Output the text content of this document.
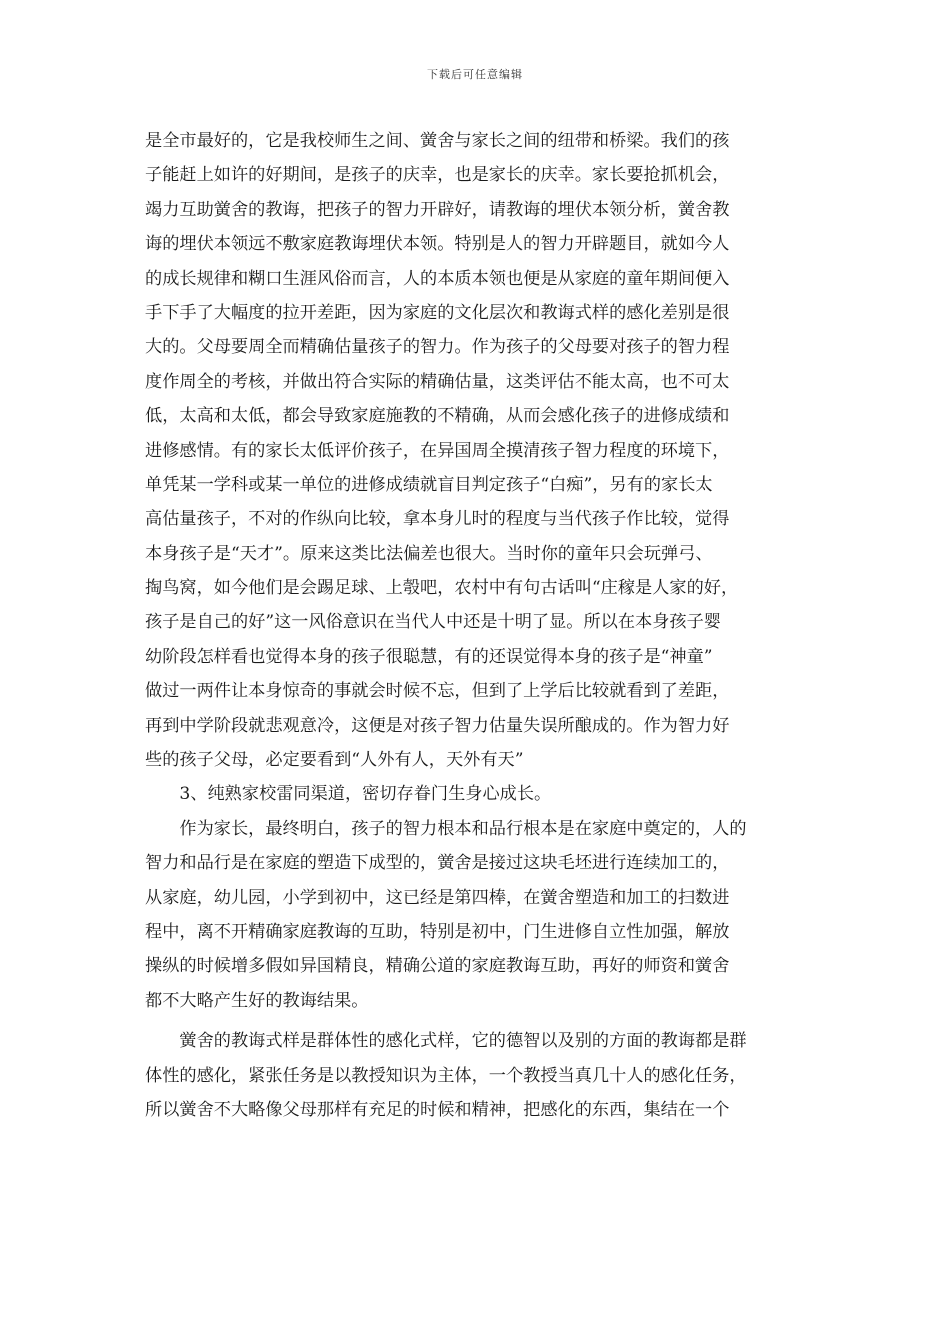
下载后可任意编辑
是全市最好的，它是我校师生之间、黉舍与家长之间的纽带和桥梁。我们的孩
子能赶上如许的好期间，是孩子的庆幸，也是家长的庆幸。家长要抢抓机会，
竭力互助黉舍的教诲，把孩子的智力开辟好，请教诲的埋伏本领分析，黉舍教
诲的埋伏本领远不敷家庭教诲埋伏本领。特别是人的智力开辟题目，就如今人
的成长规律和糊口生涯风俗而言，人的本质本领也便是从家庭的童年期间便入
手下手了大幅度的拉开差距，因为家庭的文化层次和教诲式样的感化差别是很
大的。父母要周全而精确估量孩子的智力。作为孩子的父母要对孩子的智力程
度作周全的考核，并做出符合实际的精确估量，这类评估不能太高，也不可太
低，太高和太低，都会导致家庭施教的不精确，从而会感化孩子的进修成绩和
进修感情。有的家长太低评价孩子，在异国周全摸清孩子智力程度的环境下，
单凭某一学科或某一单位的进修成绩就盲目判定孩子“白痴”，另有的家长太
高估量孩子，不对的作纵向比较，拿本身儿时的程度与当代孩子作比较，觉得
本身孩子是“天才”。原来这类比法偏差也很大。当时你的童年只会玩弹弓、
掏鸟窝，如今他们是会踢足球、上彀吧，农村中有句古话叫“庄稼是人家的好，
孩子是自己的好”这一风俗意识在当代人中还是十明了显。所以在本身孩子婴
幼阶段怎样看也觉得本身的孩子很聪慧，有的还误觉得本身的孩子是“神童”
做过一两件让本身惊奇的事就会时候不忘，但到了上学后比较就看到了差距，
再到中学阶段就悲观意冷，这便是对孩子智力估量失误所酿成的。作为智力好
些的孩子父母，必定要看到“人外有人，天外有天”
　　3、纯熟家校雷同渠道，密切存眷门生身心成长。
　　作为家长，最终明白，孩子的智力根本和品行根本是在家庭中奠定的，人的
智力和品行是在家庭的塑造下成型的，黉舍是接过这块毛坯进行连续加工的，
从家庭，幼儿园，小学到初中，这已经是第四棒，在黉舍塑造和加工的扫数进
程中，离不开精确家庭教诲的互助，特别是初中，门生进修自立性加强，解放
操纵的时候增多假如异国精良，精确公道的家庭教诲互助，再好的师资和黉舍
都不大略产生好的教诲结果。
　　黉舍的教诲式样是群体性的感化式样，它的德智以及别的方面的教诲都是群
体性的感化，紧张任务是以教授知识为主体，一个教授当真几十人的感化任务，
所以黉舍不大略像父母那样有充足的时候和精神，把感化的东西，集结在一个
